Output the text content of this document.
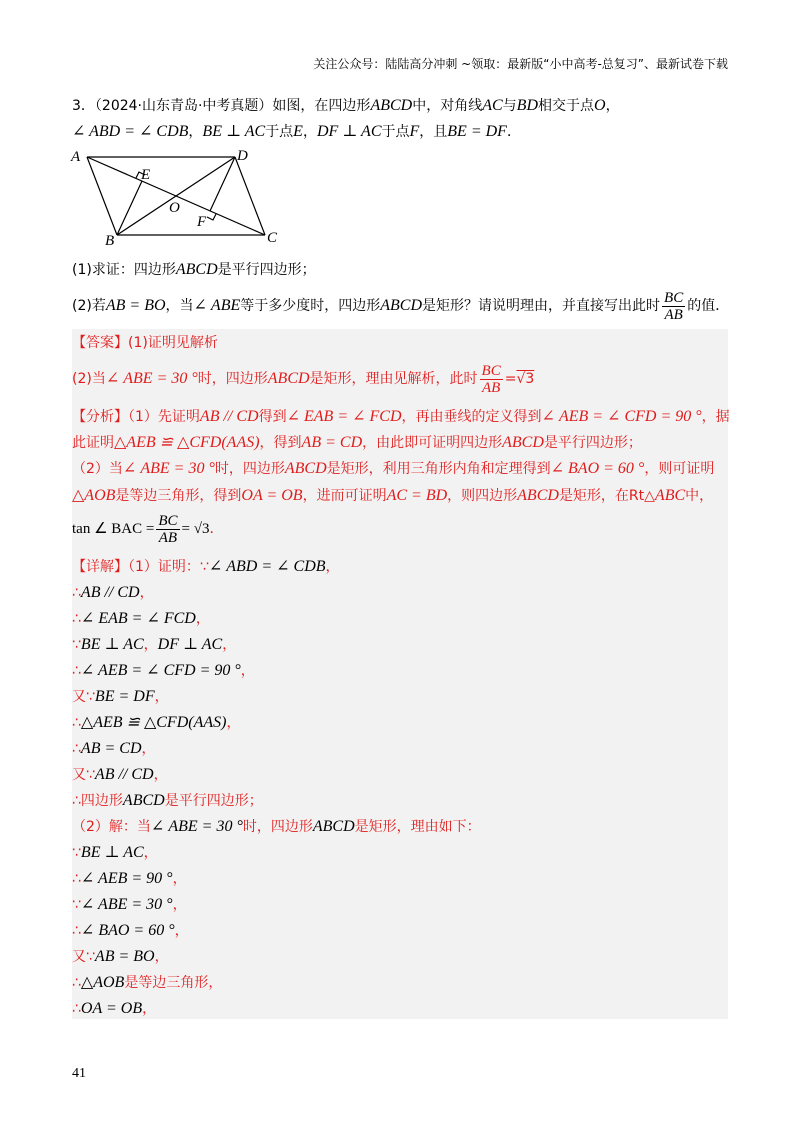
关注公众号：陆陆高分冲刺 ~领取：最新版“小中高考-总复习”、最新试卷下载
3．（2024·山东青岛·中考真题）如图，在四边形ABCD中，对角线AC与BD相交于点O，
∠ ABD = ∠ CDB，BE ⊥ AC于点E，DF ⊥ AC于点F，且BE = DF．
A	D
E
O
F
B	C
(1)求证：四边形ABCD是平行四边形；
(2)若AB = BO，当∠ ABE等于多少度时，四边形ABCD是矩形？请说明理由，并直接写出此时 $\frac{BC}{AB}$ 的值．
【答案】(1)证明见解析
(2)当∠ ABE = 30 °时，四边形ABCD是矩形，理由见解析，此时 $\frac{BC}{AB} =√3$
【分析】（1）先证明AB // CD得到∠ EAB = ∠ FCD，再由垂线的定义得到∠ AEB = ∠ CFD = 90 °，据
此证明△AEB ≌ △CFD(AAS)，得到AB = CD，由此即可证明四边形ABCD是平行四边形；
（2）当∠ ABE = 30 °时，四边形ABCD是矩形，利用三角形内角和定理得到∠ BAO = 60 °，则可证明
△AOB是等边三角形，得到OA = OB，进而可证明AC = BD，则四边形ABCD是矩形，在Rt△ABC中，
tan ∠ BAC = $\frac{BC}{AB} = √3$．
【详解】（1）证明：∵∠ ABD = ∠ CDB，
∴AB // CD，
∴∠ EAB = ∠ FCD，
∵BE ⊥ AC，DF ⊥ AC，
∴∠ AEB = ∠ CFD = 90 °，
又∵BE = DF，
∴△AEB ≌ △CFD(AAS)，
∴AB = CD，
又∵AB // CD，
∴四边形ABCD是平行四边形；
（2）解：当∠ ABE = 30 °时，四边形ABCD是矩形，理由如下：
∵BE ⊥ AC，
∴∠ AEB = 90 °，
∵∠ ABE = 30 °，
∴∠ BAO = 60 °，
又∵AB = BO，
∴△AOB是等边三角形，
∴OA = OB，
41
